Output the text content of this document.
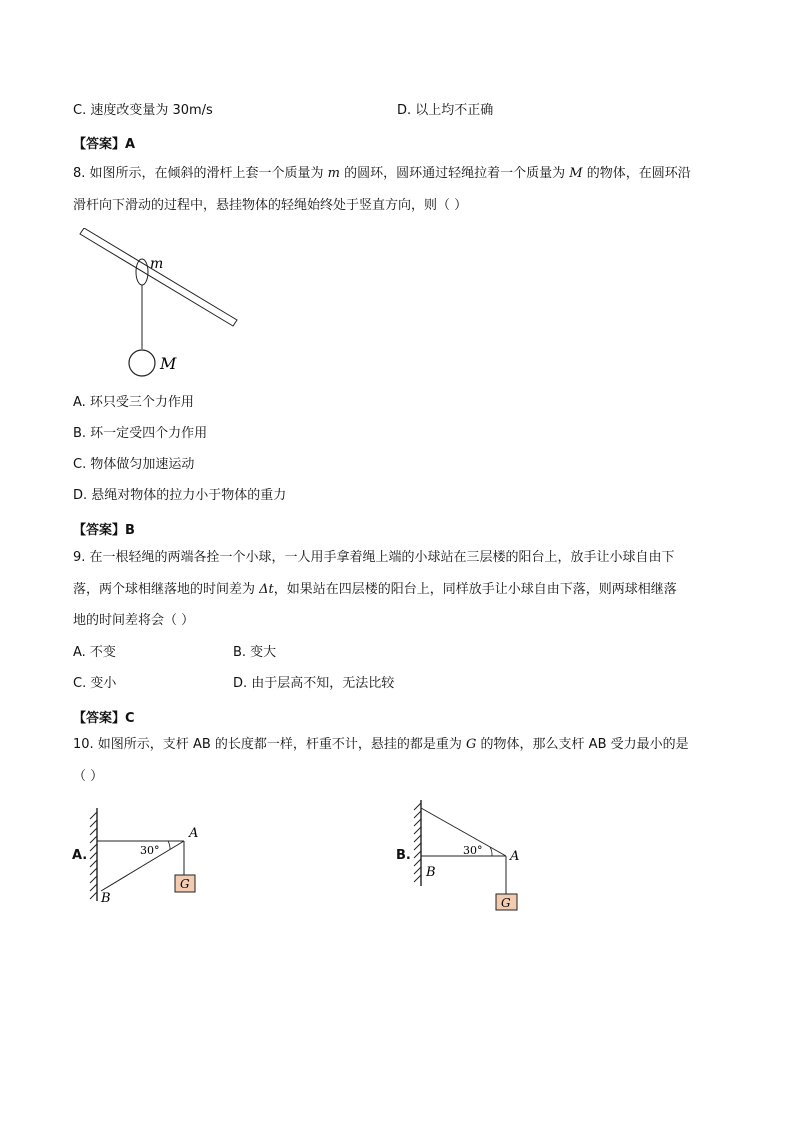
C. 速度改变量为 30m/s	D. 以上均不正确
【答案】A
8. 如图所示，在倾斜的滑杆上套一个质量为 m 的圆环，圆环通过轻绳拉着一个质量为 M 的物体，在圆环沿
滑杆向下滑动的过程中，悬挂物体的轻绳始终处于竖直方向，则（ ）
m
M
A. 环只受三个力作用
B. 环一定受四个力作用
C. 物体做匀加速运动
D. 悬绳对物体的拉力小于物体的重力
【答案】B
9. 在一根轻绳的两端各拴一个小球，一人用手拿着绳上端的小球站在三层楼的阳台上，放手让小球自由下
落，两个球相继落地的时间差为 Δt，如果站在四层楼的阳台上，同样放手让小球自由下落，则两球相继落
地的时间差将会（ ）
A. 不变	B. 变大
C. 变小	D. 由于层高不知，无法比较
【答案】C
10. 如图所示，支杆 AB 的长度都一样，杆重不计，悬挂的都是重为 G 的物体，那么支杆 AB 受力最小的是
（ ）
A.
G
30°
A
B
B.
G
30° A
B
